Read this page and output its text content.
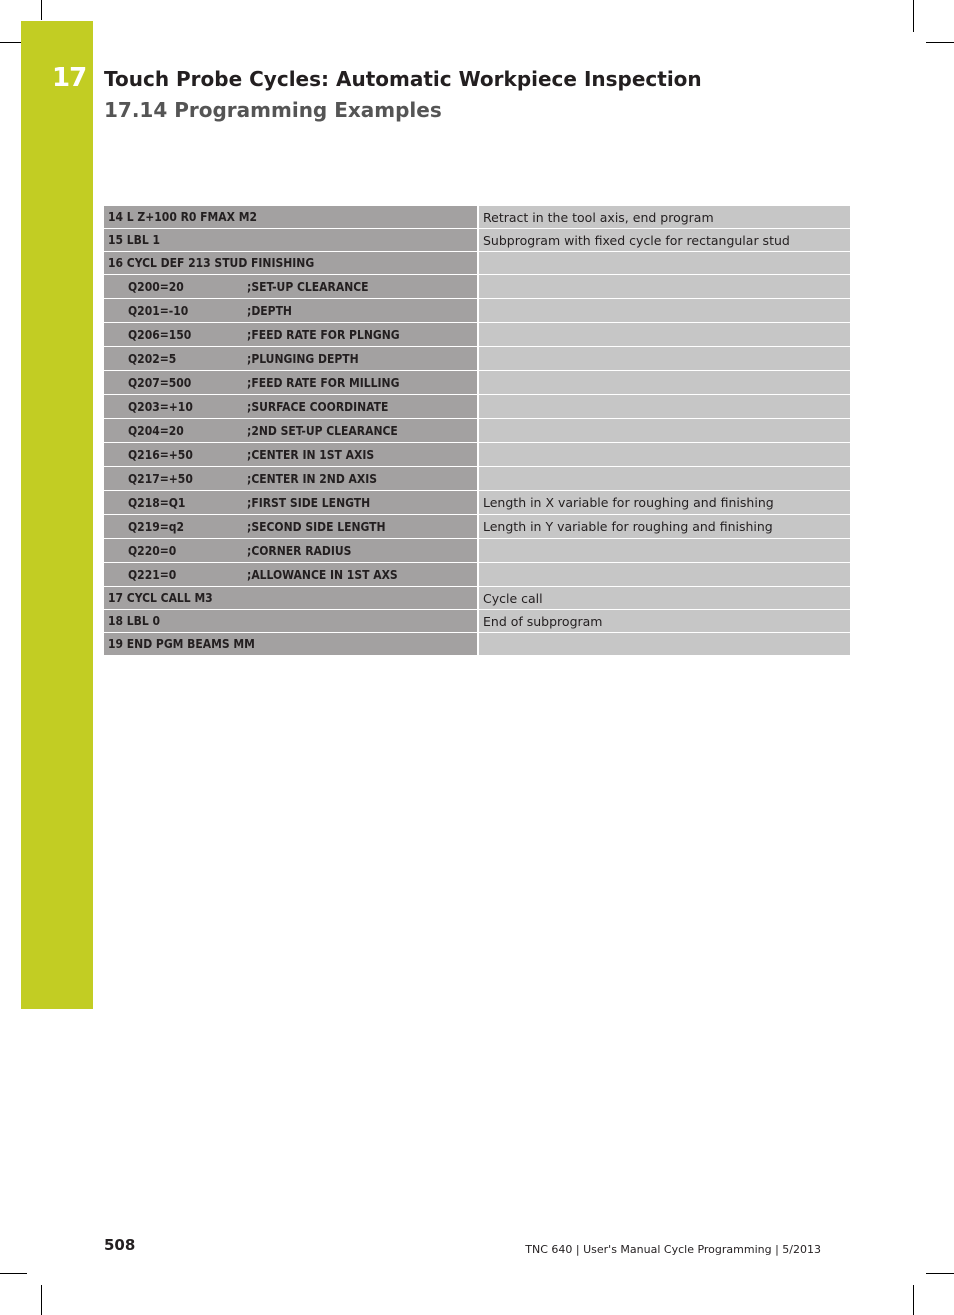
17 Touch Probe Cycles: Automatic Workpiece Inspection
17.14 Programming Examples
14 L Z+100 R0 FMAX M2	Retract in the tool axis, end program
15 LBL 1	Subprogram with fixed cycle for rectangular stud
16 CYCL DEF 213 STUD FINISHING	
Q200=20 ;SET-UP CLEARANCE	
Q201=-10 ;DEPTH	
Q206=150 ;FEED RATE FOR PLNGNG	
Q202=5 ;PLUNGING DEPTH	
Q207=500 ;FEED RATE FOR MILLING	
Q203=+10 ;SURFACE COORDINATE	
Q204=20 ;2ND SET-UP CLEARANCE	
Q216=+50 ;CENTER IN 1ST AXIS	
Q217=+50 ;CENTER IN 2ND AXIS	
Q218=Q1 ;FIRST SIDE LENGTH	Length in X variable for roughing and finishing
Q219=q2 ;SECOND SIDE LENGTH	Length in Y variable for roughing and finishing
Q220=0 ;CORNER RADIUS	
Q221=0 ;ALLOWANCE IN 1ST AXS	
17 CYCL CALL M3	Cycle call
18 LBL 0	End of subprogram
19 END PGM BEAMS MM	
508	TNC 640 | User's Manual Cycle Programming | 5/2013
